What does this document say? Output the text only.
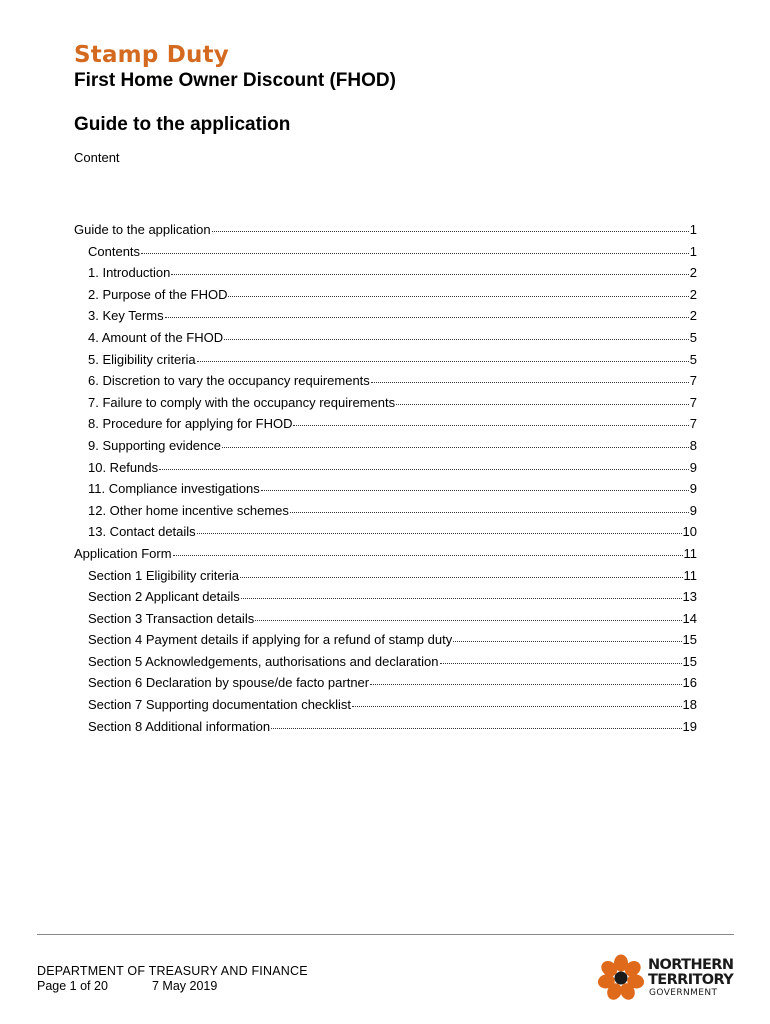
Stamp Duty
First Home Owner Discount (FHOD)
Guide to the application

Content

Guide to the application	1
Contents	1
1. Introduction	2
2. Purpose of the FHOD	2
3. Key Terms	2
4. Amount of the FHOD	5
5. Eligibility criteria	5
6. Discretion to vary the occupancy requirements	7
7. Failure to comply with the occupancy requirements	7
8. Procedure for applying for FHOD	7
9. Supporting evidence	8
10. Refunds	9
11. Compliance investigations	9
12. Other home incentive schemes	9
13. Contact details	10
Application Form	11
Section 1 Eligibility criteria	11
Section 2 Applicant details	13
Section 3 Transaction details	14
Section 4 Payment details if applying for a refund of stamp duty	15
Section 5 Acknowledgements, authorisations and declaration	15
Section 6 Declaration by spouse/de facto partner	16
Section 7 Supporting documentation checklist	18
Section 8 Additional information	19

DEPARTMENT OF TREASURY AND FINANCE

Page 1 of 20	7 May 2019

NORTHERN

TERRITORY

GOVERNMENT
